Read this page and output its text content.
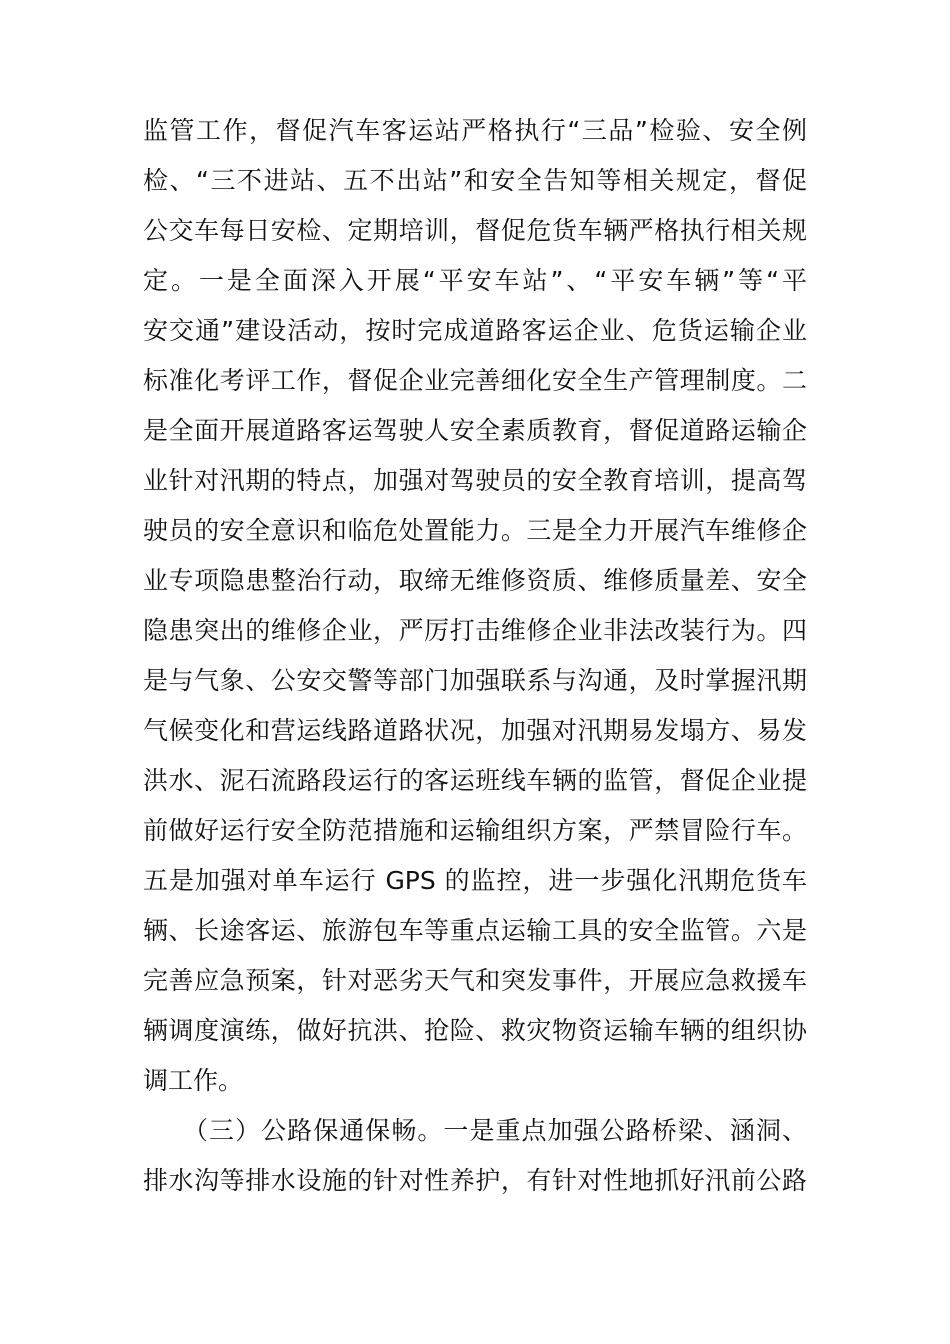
监管工作，督促汽车客运站严格执行“三品”检验、安全例
检、“三不进站、五不出站”和安全告知等相关规定，督促
公交车每日安检、定期培训，督促危货车辆严格执行相关规
定。一是全面深入开展“平安车站”、“平安车辆”等“平
安交通”建设活动，按时完成道路客运企业、危货运输企业
标准化考评工作，督促企业完善细化安全生产管理制度。二
是全面开展道路客运驾驶人安全素质教育，督促道路运输企
业针对汛期的特点，加强对驾驶员的安全教育培训，提高驾
驶员的安全意识和临危处置能力。三是全力开展汽车维修企
业专项隐患整治行动，取缔无维修资质、维修质量差、安全
隐患突出的维修企业，严厉打击维修企业非法改装行为。四
是与气象、公安交警等部门加强联系与沟通，及时掌握汛期
气候变化和营运线路道路状况，加强对汛期易发塌方、易发
洪水、泥石流路段运行的客运班线车辆的监管，督促企业提
前做好运行安全防范措施和运输组织方案，严禁冒险行车。
五是加强对单车运行 GPS 的监控，进一步强化汛期危货车
辆、长途客运、旅游包车等重点运输工具的安全监管。六是
完善应急预案，针对恶劣天气和突发事件，开展应急救援车
辆调度演练，做好抗洪、抢险、救灾物资运输车辆的组织协
调工作。
（三）公路保通保畅。一是重点加强公路桥梁、涵洞、
排水沟等排水设施的针对性养护，有针对性地抓好汛前公路
